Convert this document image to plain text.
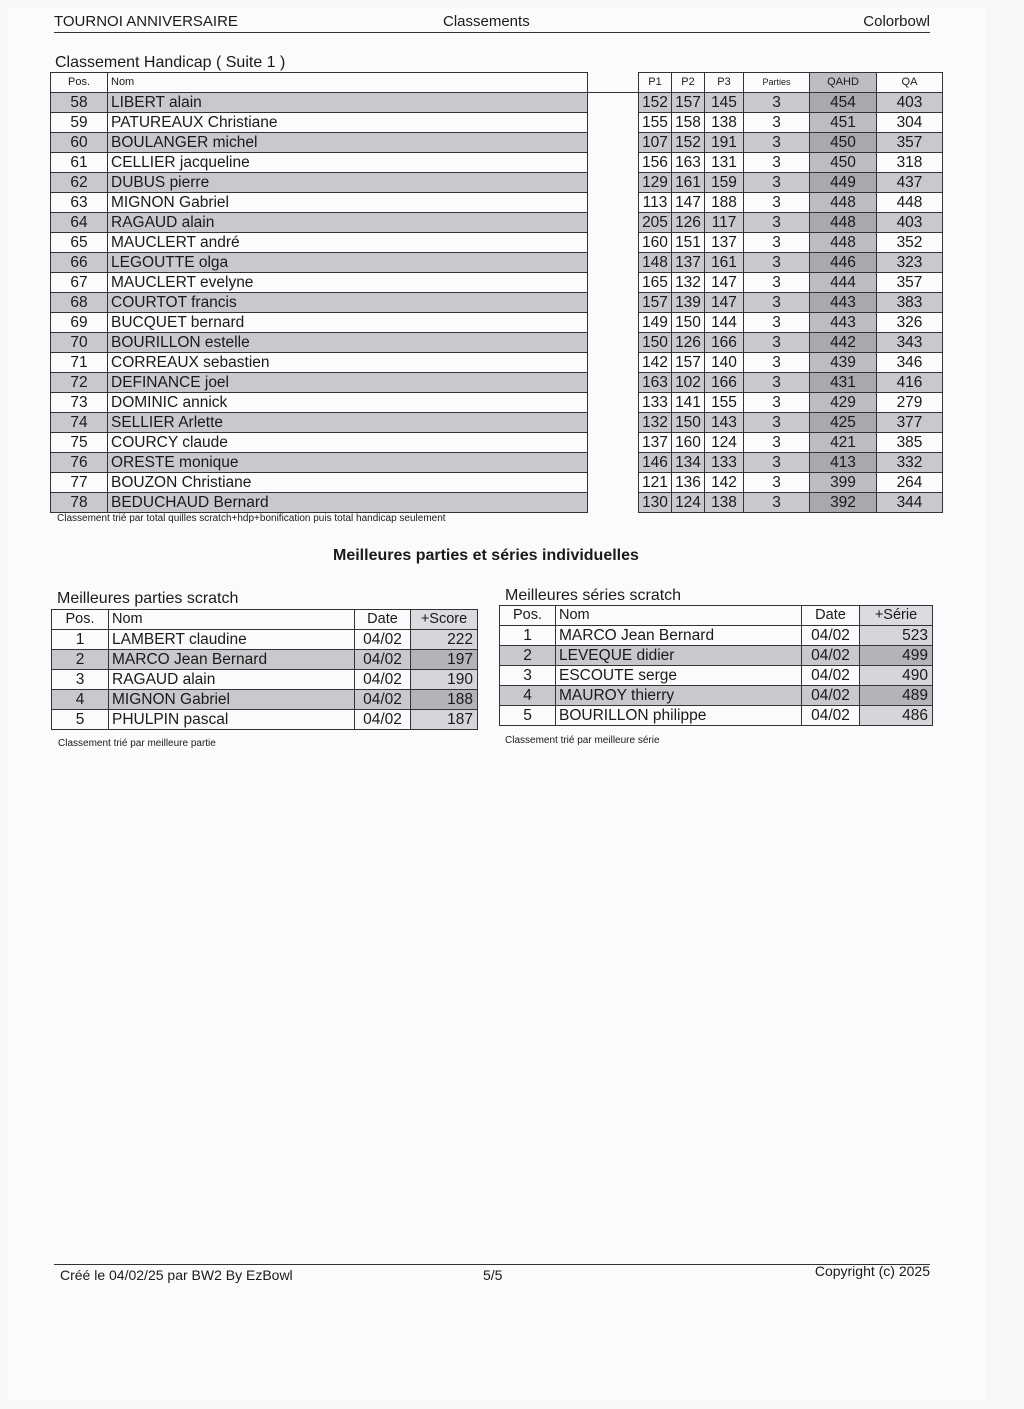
TOURNOI ANNIVERSAIRE	Classements	Colorbowl
Classement Handicap ( Suite 1 )
Pos.	Nom		P1	P2	P3	Parties	QAHD	QA	
58	LIBERT alain		152	157	145	3	454	403	
59	PATUREAUX Christiane		155	158	138	3	451	304	
60	BOULANGER michel		107	152	191	3	450	357	
61	CELLIER jacqueline		156	163	131	3	450	318	
62	DUBUS pierre		129	161	159	3	449	437	
63	MIGNON Gabriel		113	147	188	3	448	448	
64	RAGAUD alain		205	126	117	3	448	403	
65	MAUCLERT andré		160	151	137	3	448	352	
66	LEGOUTTE olga		148	137	161	3	446	323	
67	MAUCLERT evelyne		165	132	147	3	444	357	
68	COURTOT francis		157	139	147	3	443	383	
69	BUCQUET bernard		149	150	144	3	443	326	
70	BOURILLON estelle		150	126	166	3	442	343	
71	CORREAUX sebastien		142	157	140	3	439	346	
72	DEFINANCE joel		163	102	166	3	431	416	
73	DOMINIC annick		133	141	155	3	429	279	
74	SELLIER Arlette		132	150	143	3	425	377	
75	COURCY claude		137	160	124	3	421	385	
76	ORESTE monique		146	134	133	3	413	332	
77	BOUZON Christiane		121	136	142	3	399	264	
78	BEDUCHAUD Bernard		130	124	138	3	392	344	
Classement trié par total quilles scratch+hdp+bonification puis total handicap seulement
Meilleures parties et séries individuelles
Meilleures parties scratch
Pos.	Nom	Date	+Score
1	LAMBERT claudine	04/02	222
2	MARCO Jean Bernard	04/02	197
3	RAGAUD alain	04/02	190
4	MIGNON Gabriel	04/02	188
5	PHULPIN pascal	04/02	187
Classement trié par meilleure partie
Meilleures séries scratch
Pos.	Nom	Date	+Série
1	MARCO Jean Bernard	04/02	523
2	LEVEQUE didier	04/02	499
3	ESCOUTE serge	04/02	490
4	MAUROY thierry	04/02	489
5	BOURILLON philippe	04/02	486
Classement trié par meilleure série
Créé le 04/02/25 par BW2 By EzBowl	5/5	Copyright (c) 2025
